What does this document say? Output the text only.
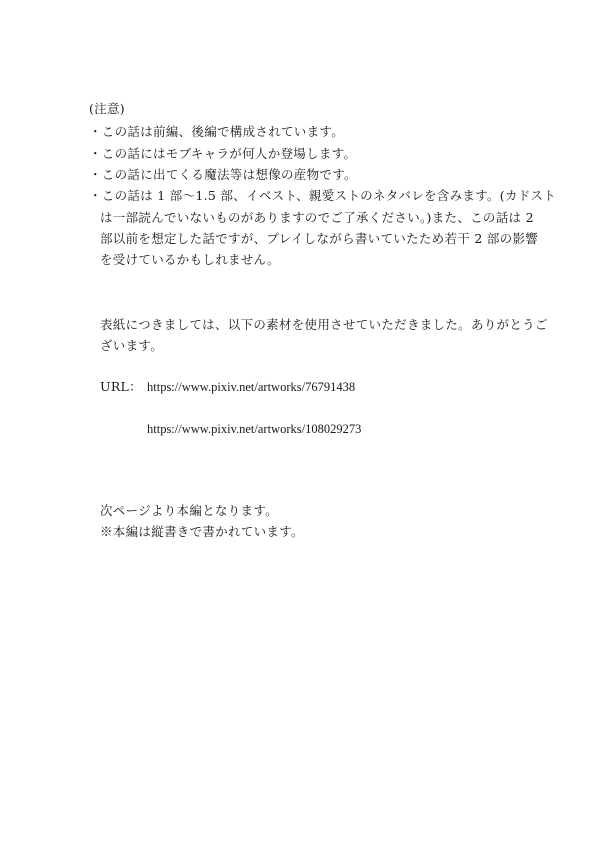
(注意)
・この話は前編、後編で構成されています。
・この話にはモブキャラが何人か登場します。
・この話に出てくる魔法等は想像の産物です。
・この話は 1 部〜1.5 部、イベスト、親愛ストのネタバレを含みます。(カドスト
は一部読んでいないものがありますのでご了承ください。)また、この話は 2
部以前を想定した話ですが、プレイしながら書いていたため若干 2 部の影響
を受けているかもしれません。
表紙につきましては、以下の素材を使用させていただきました。ありがとうご
ざいます。
URL： https://www.pixiv.net/artworks/76791438
https://www.pixiv.net/artworks/108029273
次ページより本編となります。
※本編は縦書きで書かれています。
